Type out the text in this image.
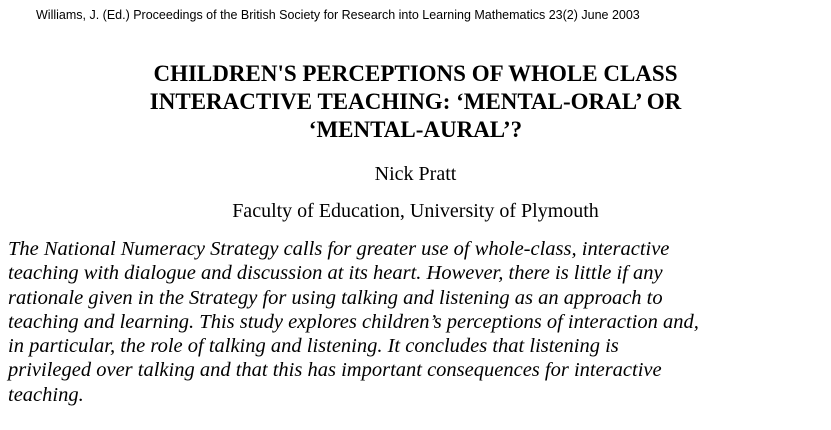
Williams, J. (Ed.) Proceedings of the British Society for Research into Learning Mathematics 23(2) June 2003
CHILDREN'S PERCEPTIONS OF WHOLE CLASS
INTERACTIVE TEACHING: ‘MENTAL-ORAL’ OR
‘MENTAL-AURAL’?
Nick Pratt
Faculty of Education, University of Plymouth
The National Numeracy Strategy calls for greater use of whole-class, interactive
teaching with dialogue and discussion at its heart. However, there is little if any
rationale given in the Strategy for using talking and listening as an approach to
teaching and learning. This study explores children’s perceptions of interaction and,
in particular, the role of talking and listening. It concludes that listening is
privileged over talking and that this has important consequences for interactive
teaching.
